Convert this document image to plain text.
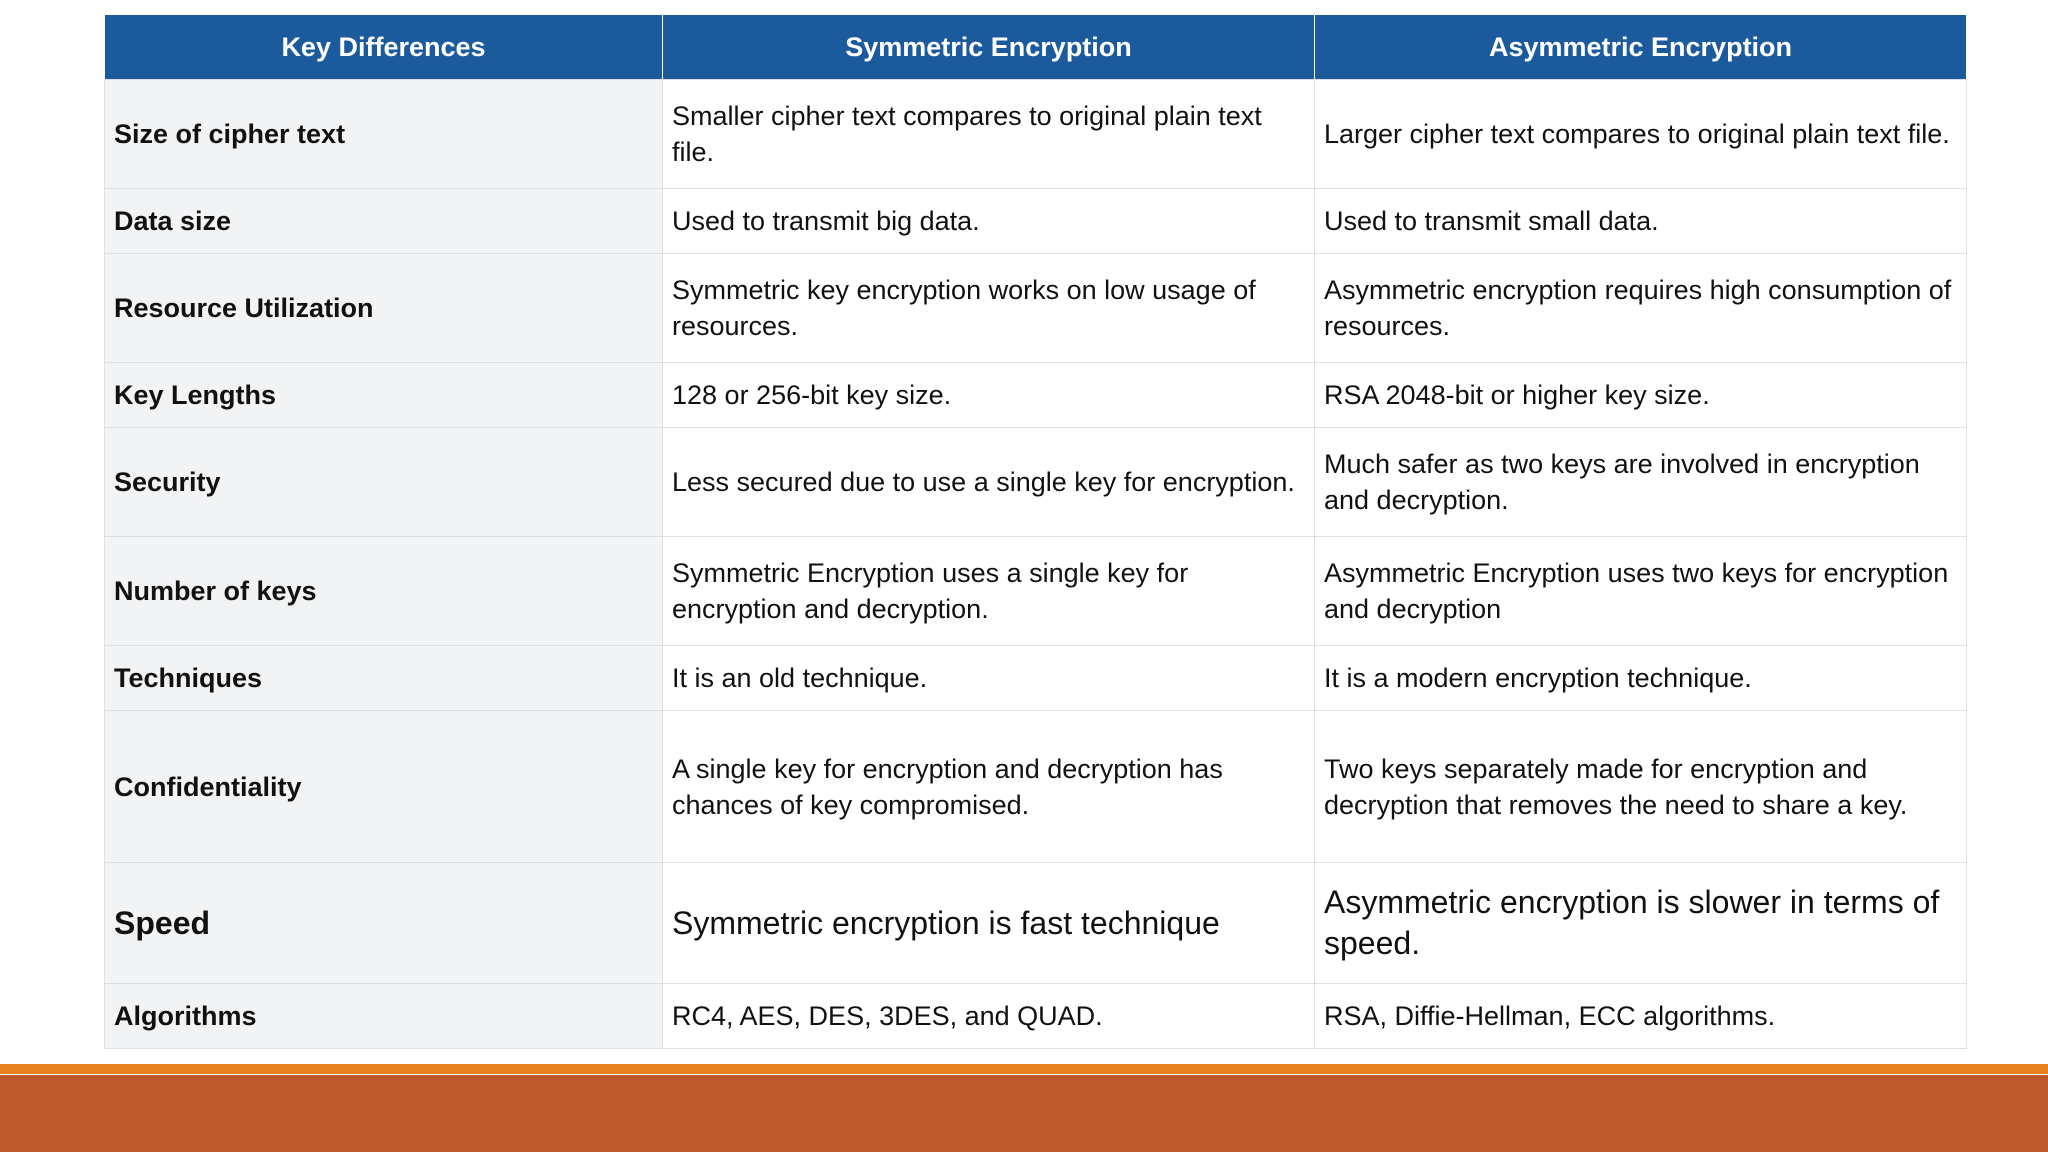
Key Differences	Symmetric Encryption	Asymmetric Encryption
Size of cipher text	Smaller cipher text compares to original plain text file.	Larger cipher text compares to original plain text file.
Data size	Used to transmit big data.	Used to transmit small data.
Resource Utilization	Symmetric key encryption works on low usage of resources.	Asymmetric encryption requires high consumption of resources.
Key Lengths	128 or 256-bit key size.	RSA 2048-bit or higher key size.
Security	Less secured due to use a single key for encryption.	Much safer as two keys are involved in encryption and decryption.
Number of keys	Symmetric Encryption uses a single key for encryption and decryption.	Asymmetric Encryption uses two keys for encryption and decryption
Techniques	It is an old technique.	It is a modern encryption technique.
Confidentiality	A single key for encryption and decryption has chances of key compromised.	Two keys separately made for encryption and decryption that removes the need to share a key.
Speed	Symmetric encryption is fast technique	Asymmetric encryption is slower in terms of speed.
Algorithms	RC4, AES, DES, 3DES, and QUAD.	RSA, Diffie-Hellman, ECC algorithms.
